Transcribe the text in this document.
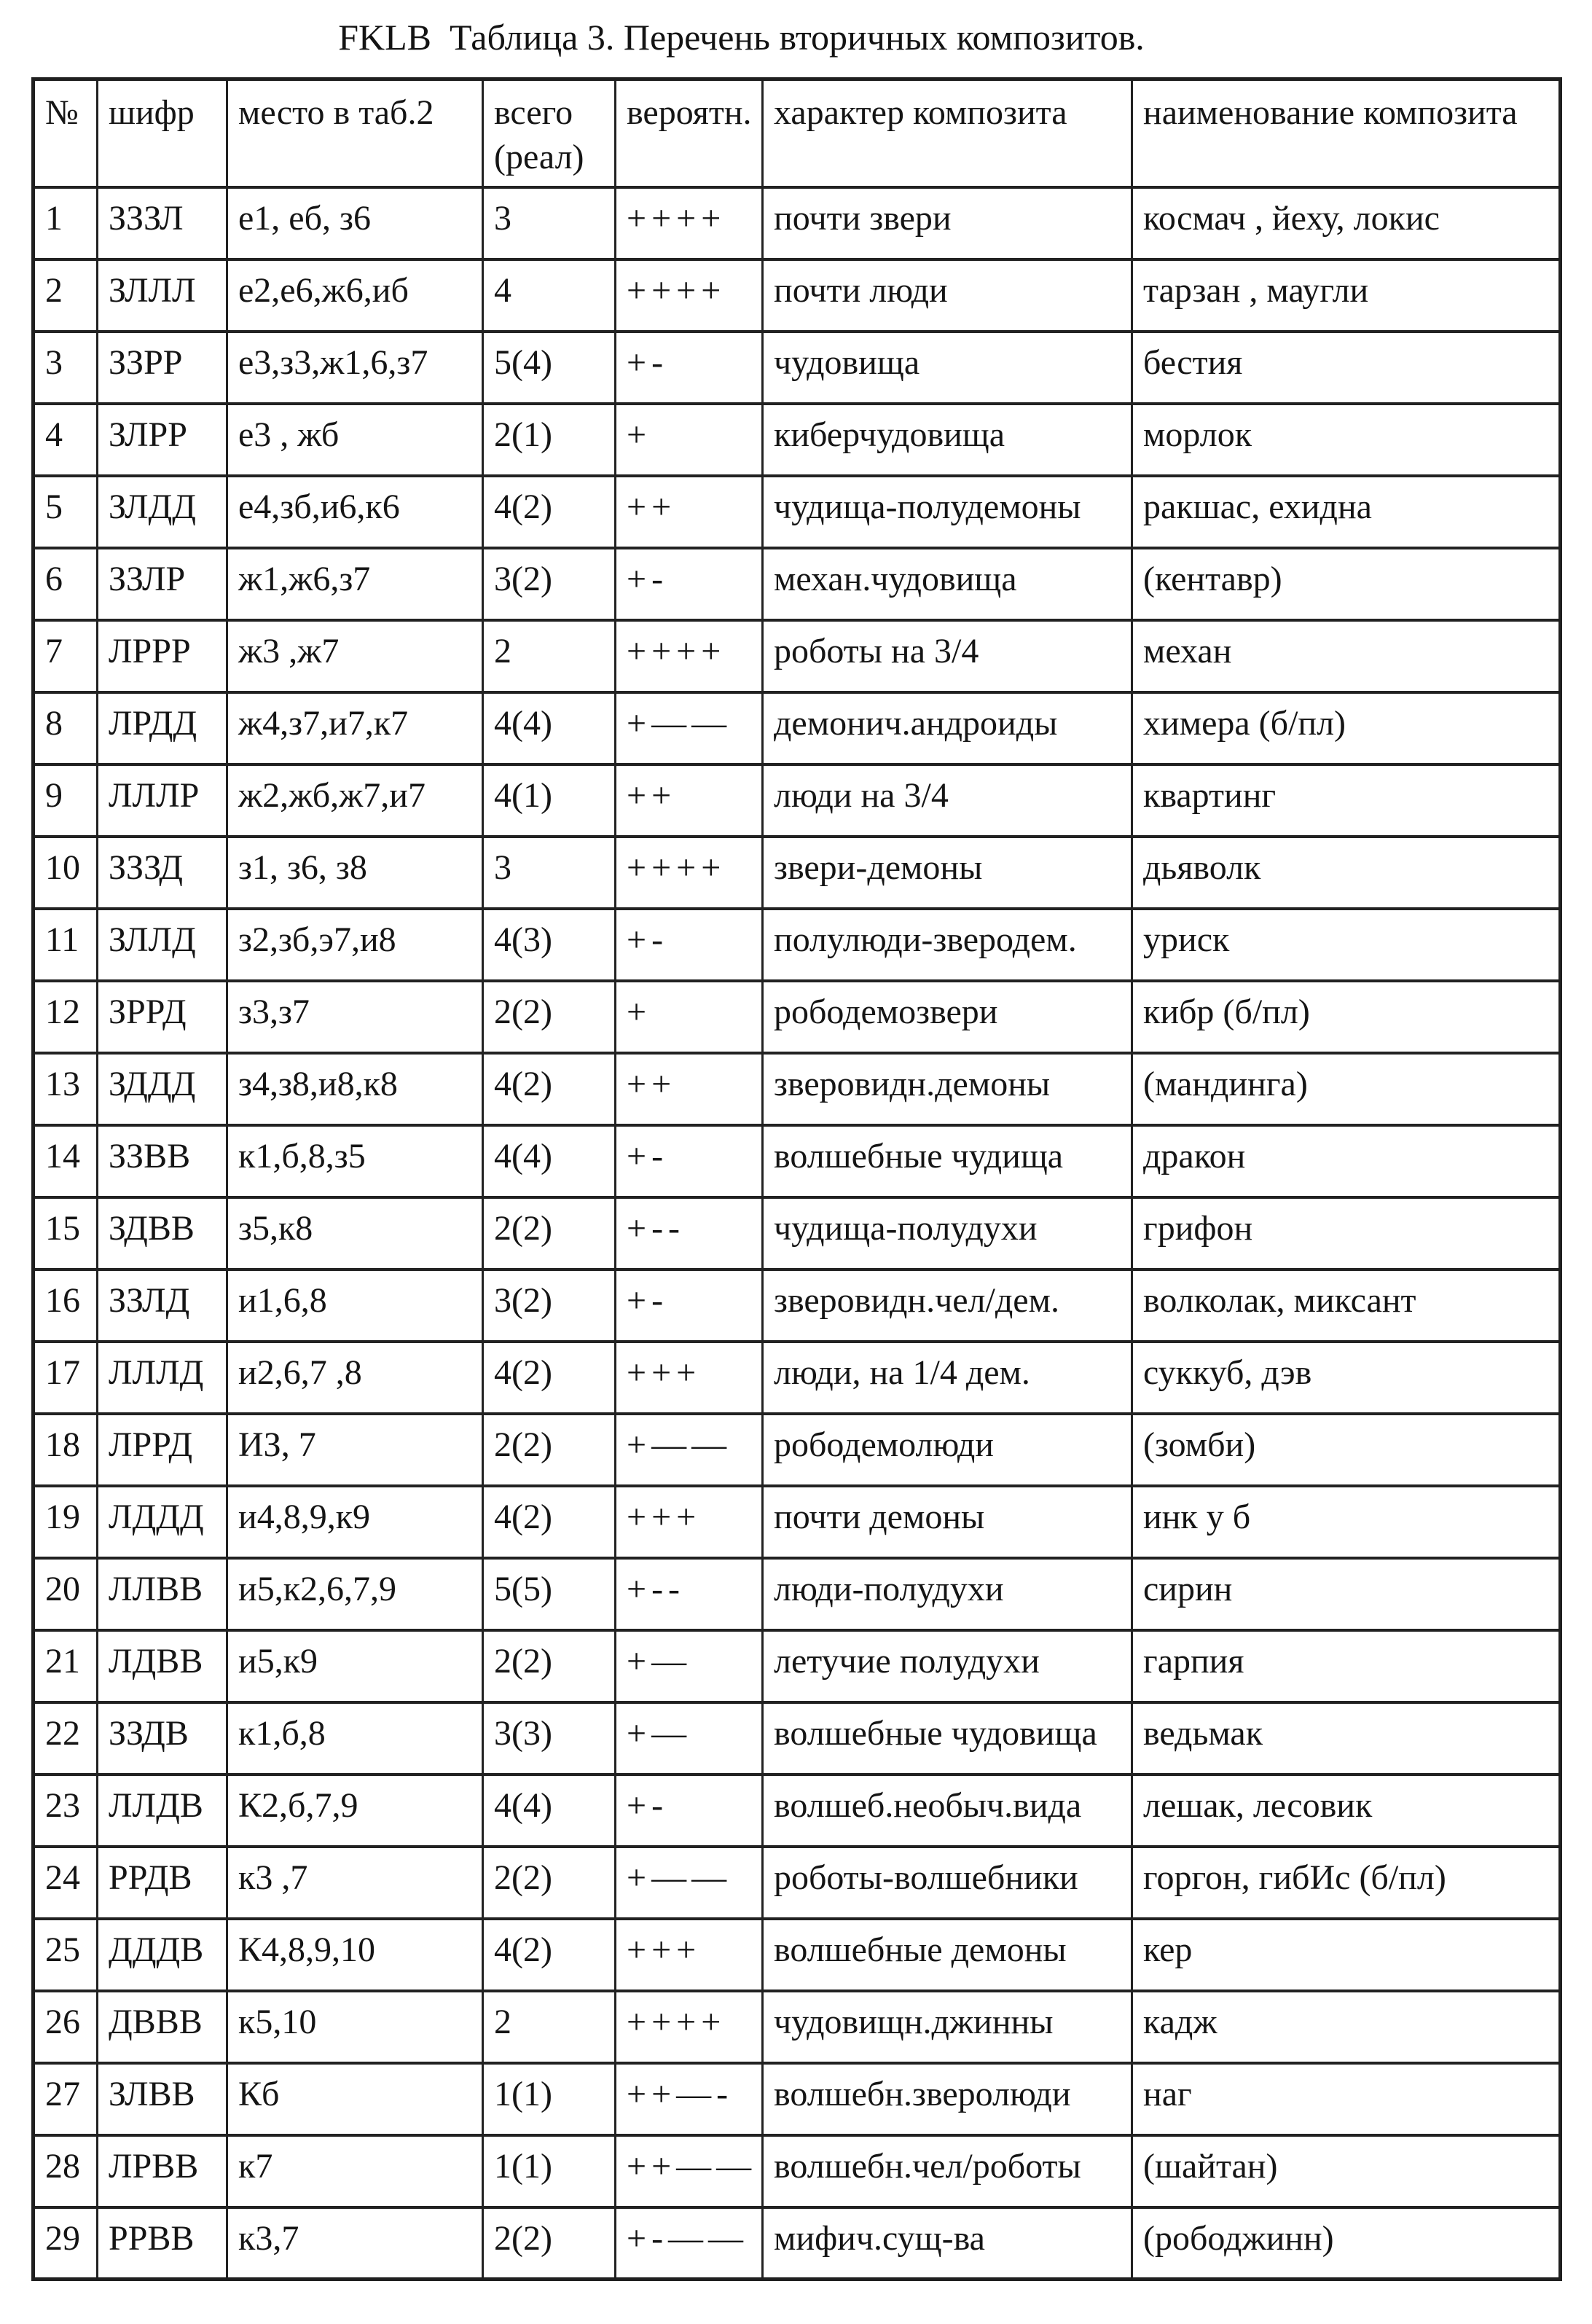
FKLB  Таблица 3. Перечень вторичных композитов.
№	шифр	место в таб.2	всего (реал)	вероятн.	характер композита	наименование композита
1	ЗЗЗЛ	е1, еб, з6	3	++++	почти звери	космач , йеху, локис
2	ЗЛЛЛ	е2,е6,ж6,иб	4	++++	почти люди	тарзан , маугли
3	ЗЗРР	е3,з3,ж1,6,з7	5(4)	+-	чудовища	бестия
4	ЗЛРР	е3 , жб	2(1)	+	киберчудовища	морлок
5	ЗЛДД	е4,зб,и6,к6	4(2)	++	чудища-полудемоны	ракшас, ехидна
6	ЗЗЛР	ж1,ж6,з7	3(2)	+-	механ.чудовища	(кентавр)
7	ЛРРР	ж3 ,ж7	2	++++	роботы на 3/4	механ
8	ЛРДД	ж4,з7,и7,к7	4(4)	+——	демонич.андроиды	химера (б/пл)
9	ЛЛЛР	ж2,жб,ж7,и7	4(1)	++	люди на 3/4	квартинг
10	ЗЗЗД	з1, з6, з8	3	++++	звери-демоны	дьяволк
11	ЗЛЛД	з2,зб,э7,и8	4(3)	+-	полулюди-зверодем.	уриск
12	ЗРРД	з3,з7	2(2)	+	рободемозвери	кибр (б/пл)
13	ЗДДД	з4,з8,и8,к8	4(2)	++	зверовидн.демоны	(мандинга)
14	ЗЗВВ	к1,б,8,з5	4(4)	+-	волшебные чудища	дракон
15	ЗДВВ	з5,к8	2(2)	+--	чудища-полудухи	грифон
16	ЗЗЛД	и1,6,8	3(2)	+-	зверовидн.чел/дем.	волколак, миксант
17	ЛЛЛД	и2,6,7 ,8	4(2)	+++	люди, на 1/4 дем.	суккуб, дэв
18	ЛРРД	ИЗ, 7	2(2)	+——	рободемолюди	(зомби)
19	ЛДДД	и4,8,9,к9	4(2)	+++	почти демоны	инк у б
20	ЛЛВВ	и5,к2,6,7,9	5(5)	+--	люди-полудухи	сирин
21	ЛДВВ	и5,к9	2(2)	+—	летучие полудухи	гарпия
22	ЗЗДВ	к1,б,8	3(3)	+—	волшебные чудовища	ведьмак
23	ЛЛДВ	К2,б,7,9	4(4)	+-	волшеб.необыч.вида	лешак, лесовик
24	РРДВ	к3 ,7	2(2)	+——	роботы-волшебники	горгон, гибИс (б/пл)
25	ДДДВ	К4,8,9,10	4(2)	+++	волшебные демоны	кер
26	ДВВВ	к5,10	2	++++	чудовищн.джинны	кадж
27	ЗЛВВ	Кб	1(1)	++—-	волшебн.зверолюди	наг
28	ЛРВВ	к7	1(1)	++——	волшебн.чел/роботы	(шайтан)
29	РРВВ	к3,7	2(2)	+-——	мифич.сущ-ва	(рободжинн)
